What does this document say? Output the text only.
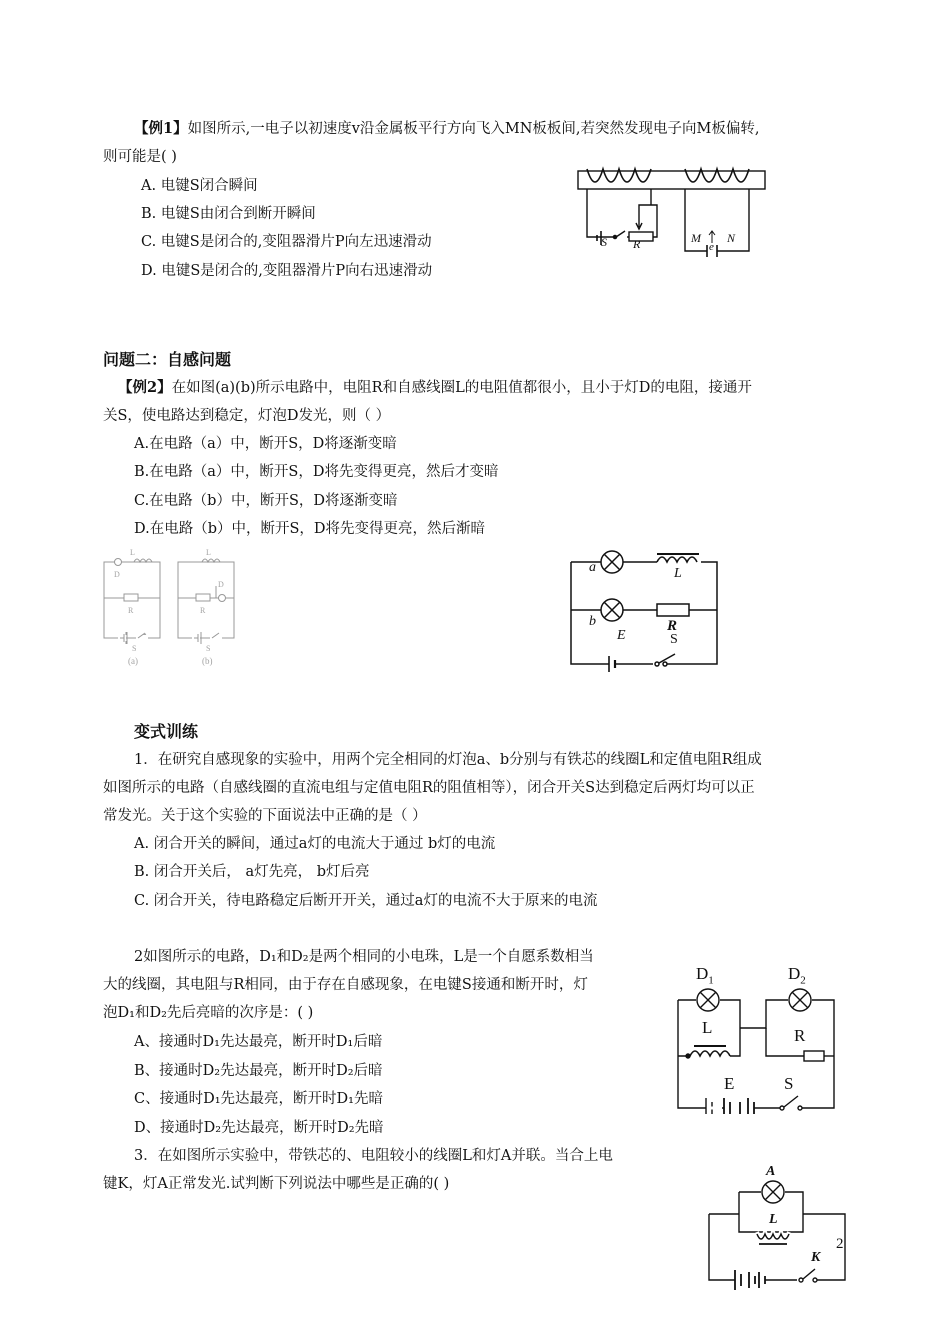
【例1】如图所示,一电子以初速度v沿金属板平行方向飞入MN板板间,若突然发现电子向M板偏转,
则可能是( )
A. 电键S闭合瞬间
B. 电键S由闭合到断开瞬间
C. 电键S是闭合的,变阻器滑片P向左迅速滑动
D. 电键S是闭合的,变阻器滑片P向右迅速滑动
S R	M
e
N
问题二：自感问题
【例2】在如图(a)(b)所示电路中，电阻R和自感线圈L的电阻值都很小，且小于灯D的电阻，接通开
关S，使电路达到稳定，灯泡D发光，则（ ）
A.在电路（a）中，断开S，D将逐渐变暗
B.在电路（a）中，断开S，D将先变得更亮，然后才变暗
C.在电路（b）中，断开S，D将逐渐变暗
D.在电路（b）中，断开S，D将先变得更亮，然后渐暗
L
D
R
S
(a)
L
D
R
S
(b)
a	L
b	R
E	S
变式训练
1．在研究自感现象的实验中，用两个完全相同的灯泡a、b分别与有铁芯的线圈L和定值电阻R组成
如图所示的电路（自感线圈的直流电组与定值电阻R的阻值相等），闭合开关S达到稳定后两灯均可以正
常发光。关于这个实验的下面说法中正确的是（ ）
A. 闭合开关的瞬间，通过a灯的电流大于通过 b灯的电流
B. 闭合开关后， a灯先亮， b灯后亮
C. 闭合开关，待电路稳定后断开开关，通过a灯的电流不大于原来的电流
2如图所示的电路，D₁和D₂是两个相同的小电珠，L是一个自愿系数相当
大的线圈，其电阻与R相同，由于存在自感现象，在电键S接通和断开时，灯
泡D₁和D₂先后亮暗的次序是：( )
A、接通时D₁先达最亮，断开时D₁后暗
B、接通时D₂先达最亮，断开时D₂后暗
C、接通时D₁先达最亮，断开时D₁先暗
D、接通时D₂先达最亮，断开时D₂先暗
$D_1$	$D_2$
L	R
E	S
3．在如图所示实验中，带铁芯的、电阻较小的线圈L和灯A并联。当合上电
键K，灯A正常发光.试判断下列说法中哪些是正确的( )
A
L
K
2
